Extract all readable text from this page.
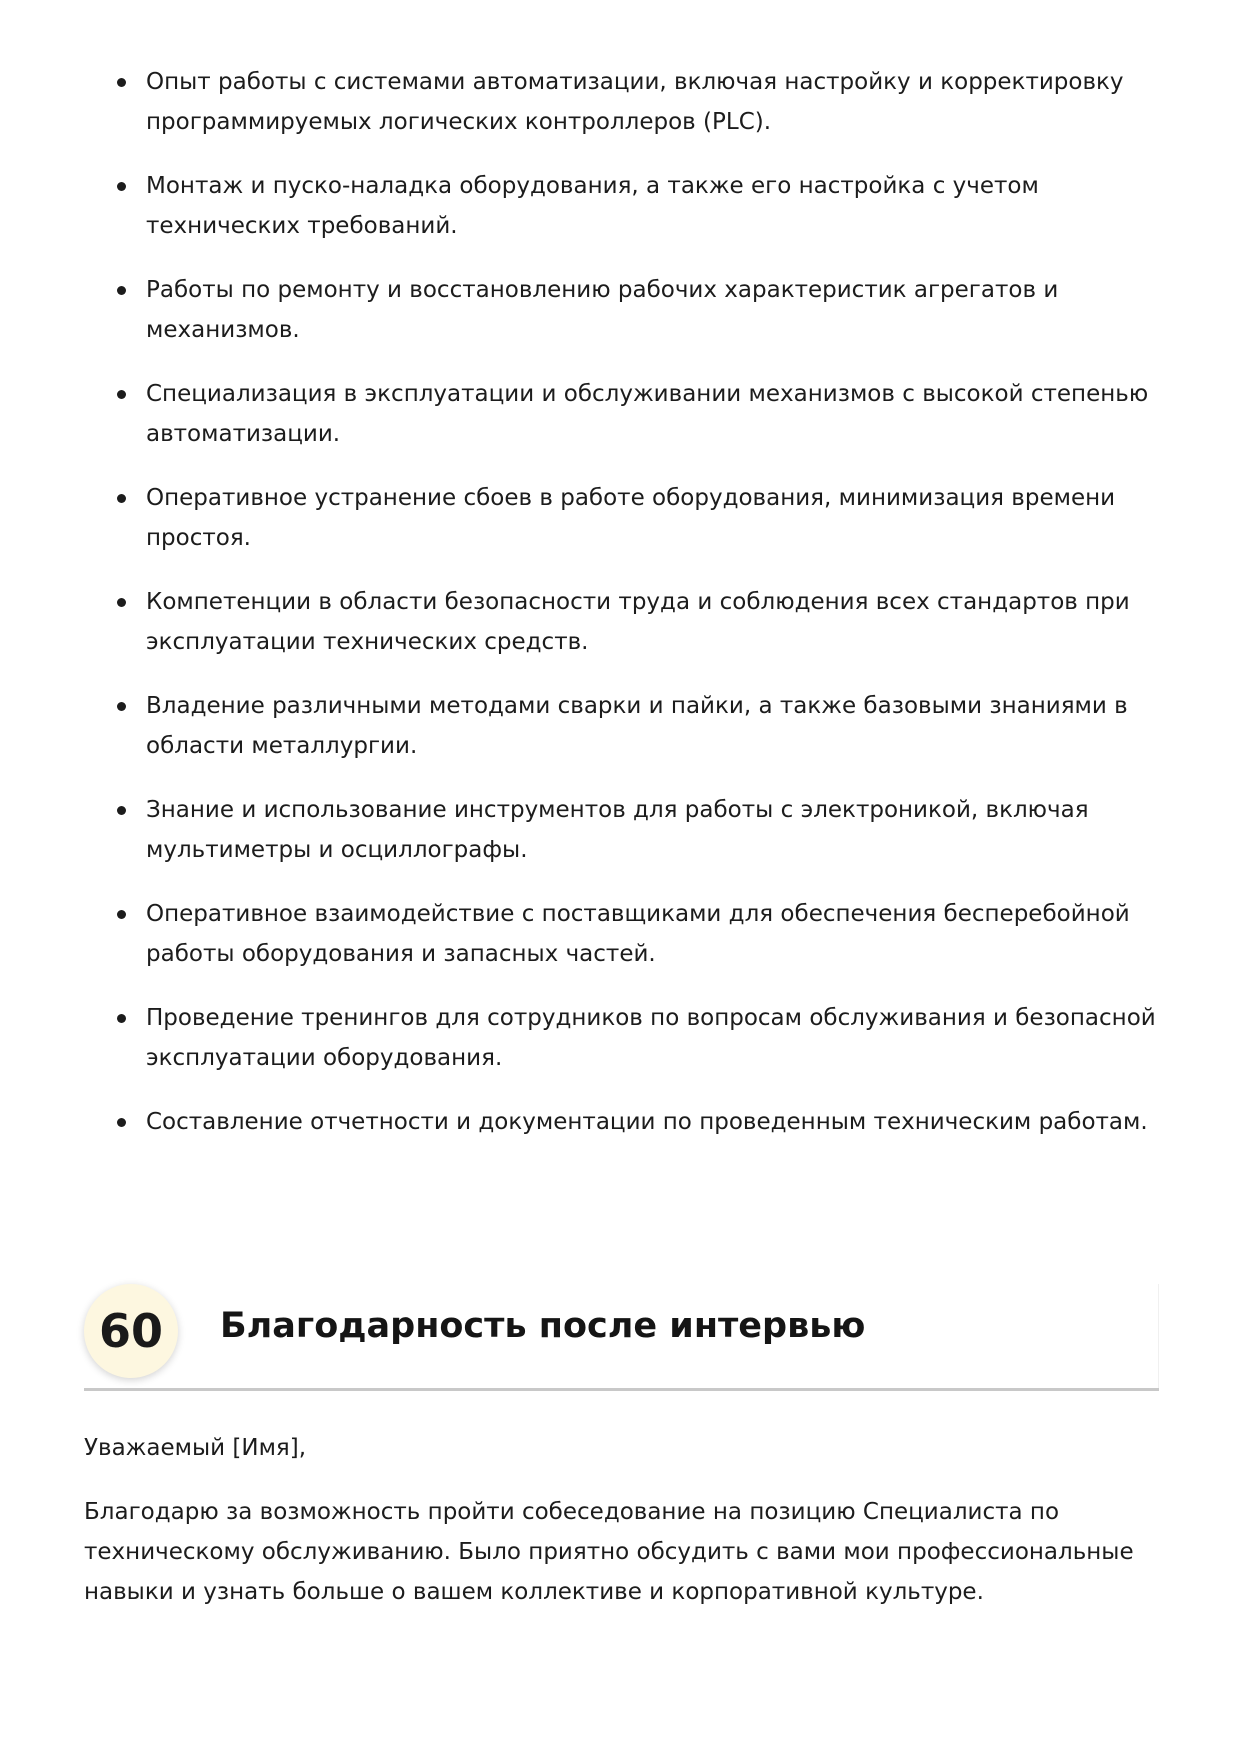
Опыт работы с системами автоматизации, включая настройку и корректировку программируемых логических контроллеров (PLC).
Монтаж и пуско-наладка оборудования, а также его настройка с учетом технических требований.
Работы по ремонту и восстановлению рабочих характеристик агрегатов и механизмов.
Специализация в эксплуатации и обслуживании механизмов с высокой степенью автоматизации.
Оперативное устранение сбоев в работе оборудования, минимизация времени простоя.
Компетенции в области безопасности труда и соблюдения всех стандартов при эксплуатации технических средств.
Владение различными методами сварки и пайки, а также базовыми знаниями в области металлургии.
Знание и использование инструментов для работы с электроникой, включая мультиметры и осциллографы.
Оперативное взаимодействие с поставщиками для обеспечения бесперебойной работы оборудования и запасных частей.
Проведение тренингов для сотрудников по вопросам обслуживания и безопасной эксплуатации оборудования.
Составление отчетности и документации по проведенным техническим работам.
60	Благодарность после интервью

Уважаемый [Имя],

Благодарю за возможность пройти собеседование на позицию Специалиста по техническому обслуживанию. Было приятно обсудить с вами мои профессиональные навыки и узнать больше о вашем коллективе и корпоративной культуре.
